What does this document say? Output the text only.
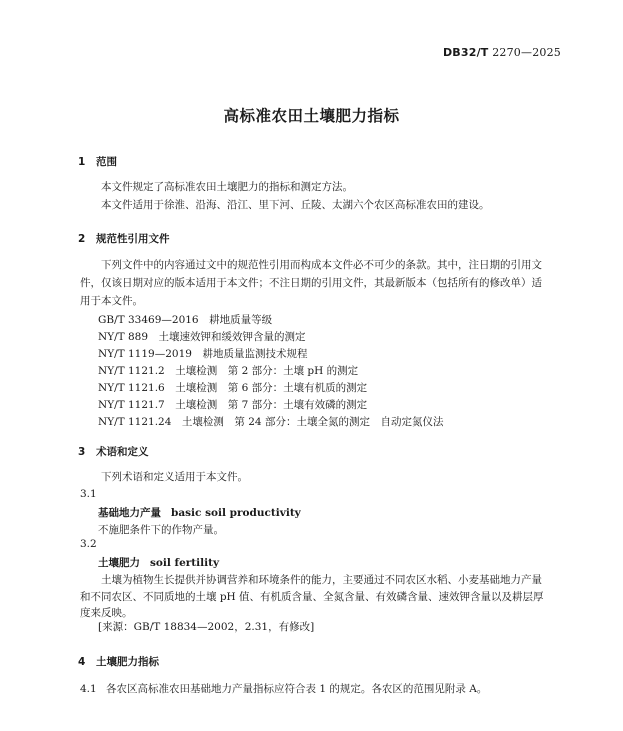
DB32/T 2270—2025
高标准农田土壤肥力指标
1 范围
本文件规定了高标准农田土壤肥力的指标和测定方法。
本文件适用于徐淮、沿海、沿江、里下河、丘陵、太湖六个农区高标准农田的建设。
2 规范性引用文件
下列文件中的内容通过文中的规范性引用而构成本文件必不可少的条款。其中，注日期的引用文件，仅该日期对应的版本适用于本文件；不注日期的引用文件，其最新版本（包括所有的修改单）适用于本文件。
GB/T 33469—2016　耕地质量等级
NY/T 889　土壤速效钾和缓效钾含量的测定
NY/T 1119—2019　耕地质量监测技术规程
NY/T 1121.2　土壤检测　第 2 部分：土壤 pH 的测定
NY/T 1121.6　土壤检测　第 6 部分：土壤有机质的测定
NY/T 1121.7　土壤检测　第 7 部分：土壤有效磷的测定
NY/T 1121.24　土壤检测　第 24 部分：土壤全氮的测定　自动定氮仪法
3 术语和定义
下列术语和定义适用于本文件。
3.1
基础地力产量 basic soil productivity
不施肥条件下的作物产量。
3.2
土壤肥力 soil fertility
土壤为植物生长提供并协调营养和环境条件的能力，主要通过不同农区水稻、小麦基础地力产量和不同农区、不同质地的土壤 pH 值、有机质含量、全氮含量、有效磷含量、速效钾含量以及耕层厚度来反映。
[来源：GB/T 18834—2002，2.31，有修改]
4 土壤肥力指标
4.1 各农区高标准农田基础地力产量指标应符合表 1 的规定。各农区的范围见附录 A。
